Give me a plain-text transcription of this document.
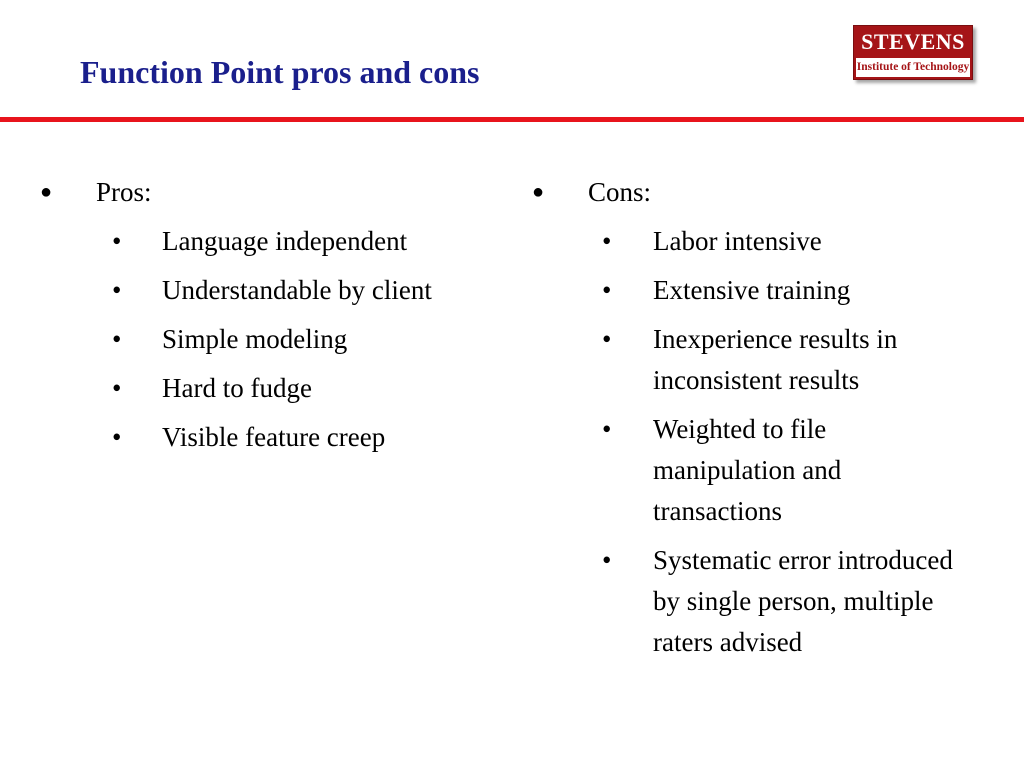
Function Point pros and cons
STEVENS
Institute of Technology
● Pros:
• Language independent
• Understandable by client
• Simple modeling
• Hard to fudge
• Visible feature creep
● Cons:
• Labor intensive
• Extensive training
• Inexperience results in inconsistent results
• Weighted to file manipulation and transactions
• Systematic error introduced by single person, multiple raters advised
